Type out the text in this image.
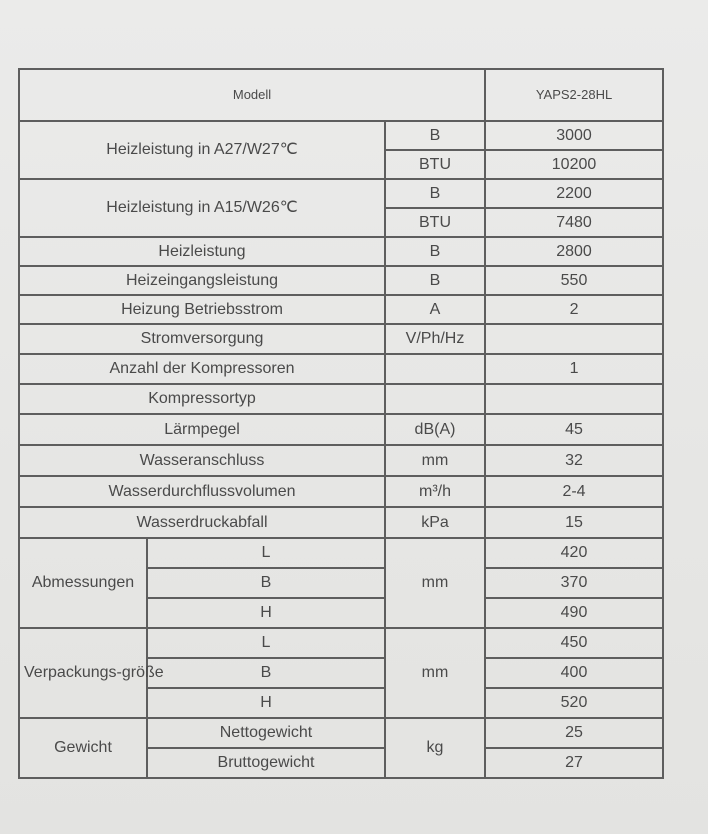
Modell			YAPS2-28HL
Heizleistung in A27/W27℃		B	3000
		BTU	10200
Heizleistung in A15/W26℃		B	2200
		BTU	7480
Heizleistung		B	2800
Heizeingangsleistung		B	550
Heizung Betriebsstrom		A	2
Stromversorgung		V/Ph/Hz	
Anzahl der Kompressoren			1
Kompressortyp			
Lärmpegel		dB(A)	45
Wasseranschluss		mm	32
Wasserdurchflussvolumen		m³/h	2-4
Wasserdruckabfall		kPa	15
Abmessungen	L	mm	420
	B		370
	H		490
Verpackungs-größe	L	mm	450
	B		400
	H		520
Gewicht	Nettogewicht	kg	25
	Bruttogewicht		27
